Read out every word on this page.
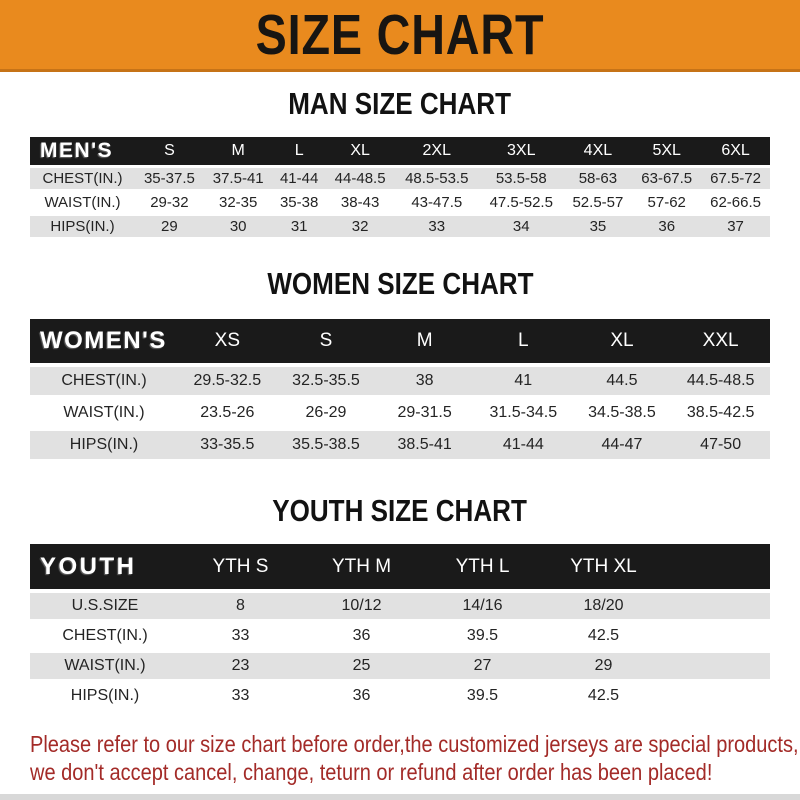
SIZE CHART
MAN SIZE CHART
MEN'S	S	M	L	XL	2XL	3XL	4XL	5XL	6XL
CHEST(IN.)	35-37.5	37.5-41	41-44	44-48.5	48.5-53.5	53.5-58	58-63	63-67.5	67.5-72
WAIST(IN.)	29-32	32-35	35-38	38-43	43-47.5	47.5-52.5	52.5-57	57-62	62-66.5
HIPS(IN.)	29	30	31	32	33	34	35	36	37
WOMEN SIZE CHART
WOMEN'S	XS	S	M	L	XL	XXL
CHEST(IN.)	29.5-32.5	32.5-35.5	38	41	44.5	44.5-48.5
WAIST(IN.)	23.5-26	26-29	29-31.5	31.5-34.5	34.5-38.5	38.5-42.5
HIPS(IN.)	33-35.5	35.5-38.5	38.5-41	41-44	44-47	47-50
YOUTH SIZE CHART
YOUTH	YTH S	YTH M	YTH L	YTH XL	
U.S.SIZE	8	10/12	14/16	18/20	
CHEST(IN.)	33	36	39.5	42.5	
WAIST(IN.)	23	25	27	29	
HIPS(IN.)	33	36	39.5	42.5	

Please refer to our size chart before order,the customized jerseys are special products,
we don't accept cancel, change, teturn or refund after order has been placed!
